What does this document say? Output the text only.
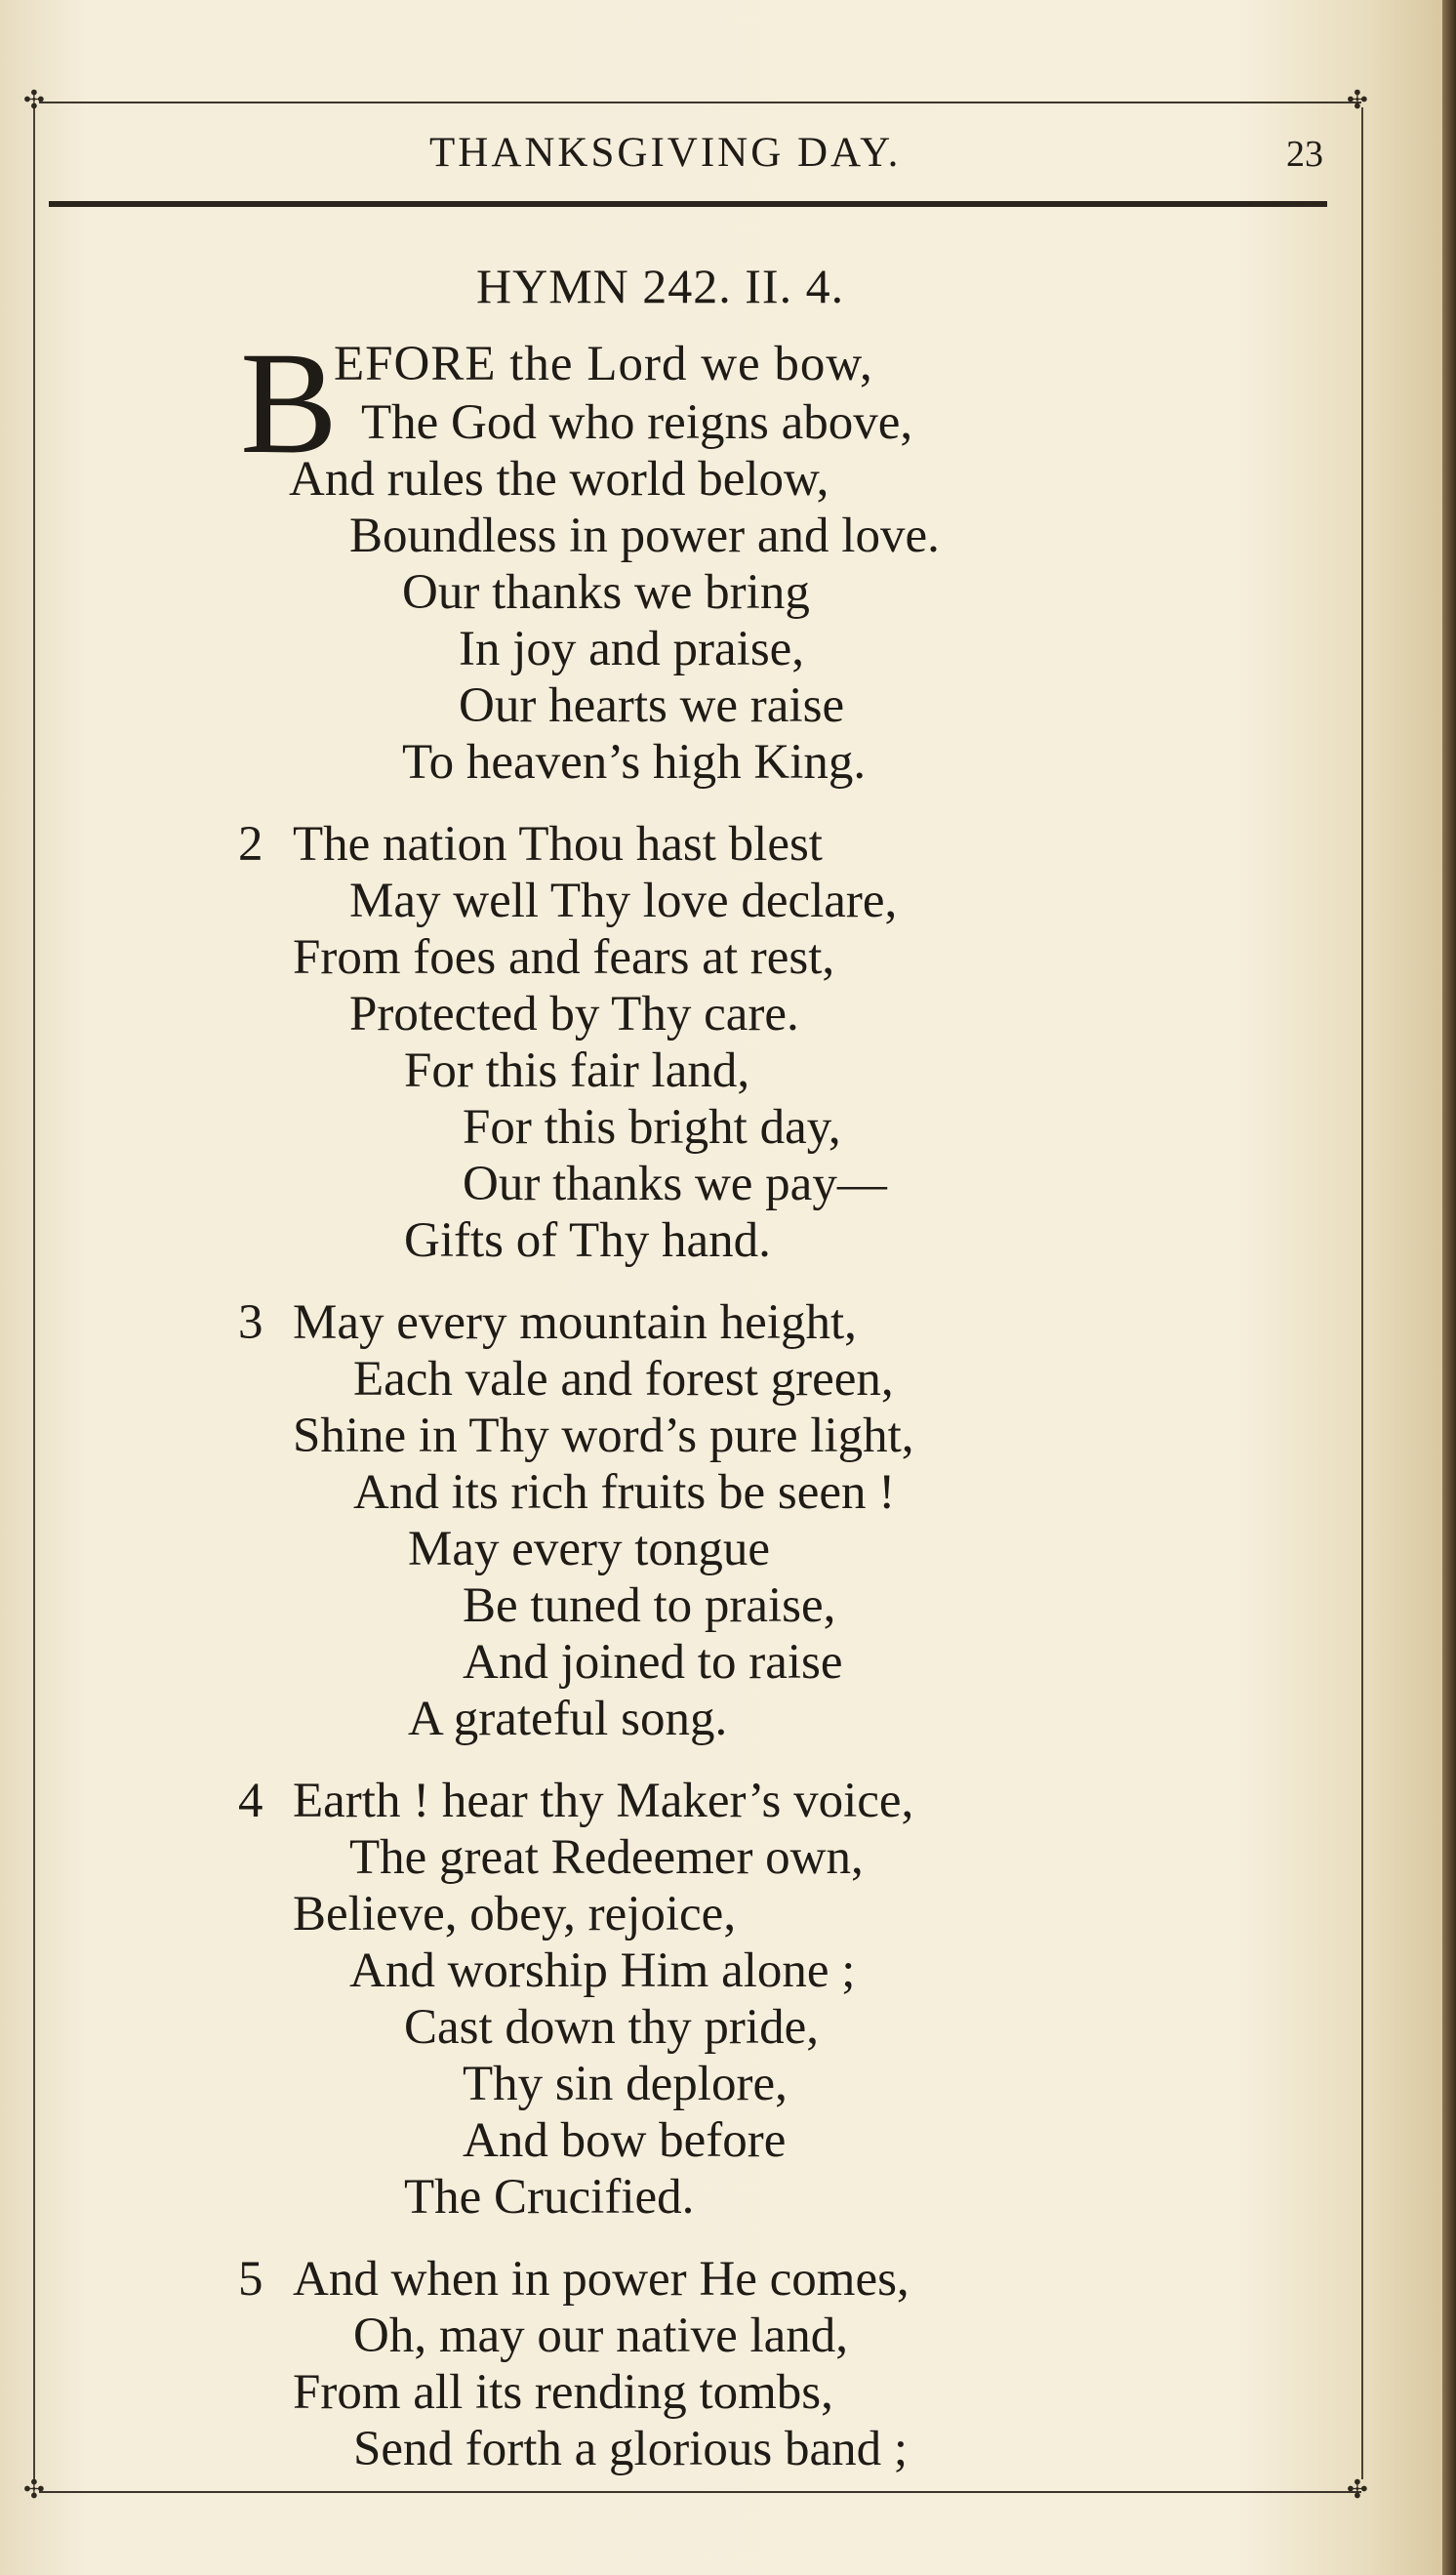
✣	✣
✣	✣
THANKSGIVING DAY.	23
HYMN 242. II. 4.
B
EFORE the Lord we bow,
The God who reigns above,
And rules the world below,
Boundless in power and love.
Our thanks we bring
In joy and praise,
Our hearts we raise
To heaven’s high King.
2 The nation Thou hast blest
May well Thy love declare,
From foes and fears at rest,
Protected by Thy care.
For this fair land,
For this bright day,
Our thanks we pay—
Gifts of Thy hand.
3 May every mountain height,
Each vale and forest green,
Shine in Thy word’s pure light,
And its rich fruits be seen !
May every tongue
Be tuned to praise,
And joined to raise
A grateful song.
4 Earth ! hear thy Maker’s voice,
The great Redeemer own,
Believe, obey, rejoice,
And worship Him alone ;
Cast down thy pride,
Thy sin deplore,
And bow before
The Crucified.
5 And when in power He comes,
Oh, may our native land,
From all its rending tombs,
Send forth a glorious band ;
